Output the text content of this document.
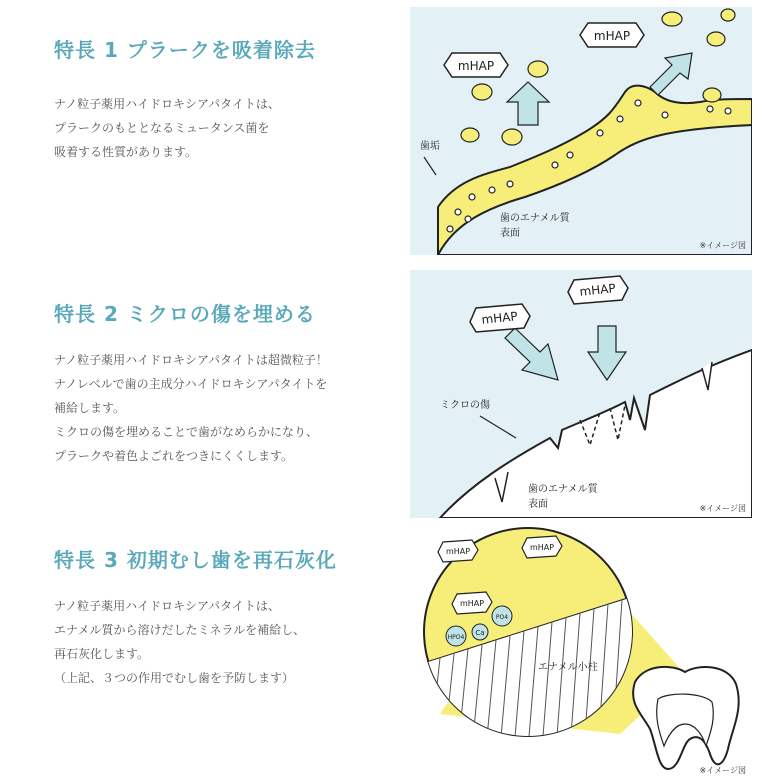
特長 1 プラークを吸着除去

ナノ粒子薬用ハイドロキシアパタイトは、
プラークのもととなるミュータンス菌を
吸着する性質があります。

mHAP
mHAP
歯垢
歯のエナメル質
表面
※イメージ図
特長 2 ミクロの傷を埋める

ナノ粒子薬用ハイドロキシアパタイトは超微粒子！
ナノレベルで歯の主成分ハイドロキシアパタイトを
補給します。
ミクロの傷を埋めることで歯がなめらかになり、
プラークや着色よごれをつきにくくします。

mHAP
mHAP
ミクロの傷
歯のエナメル質
表面	※イメージ図
特長 3 初期むし歯を再石灰化

ナノ粒子薬用ハイドロキシアパタイトは、
エナメル質から溶けだしたミネラルを補給し、
再石灰化します。
（上記、３つの作用でむし歯を予防します）

mHAP	mHAP
mHAP
HPO4
Ca
PO4
エナメル小柱
※イメージ図
